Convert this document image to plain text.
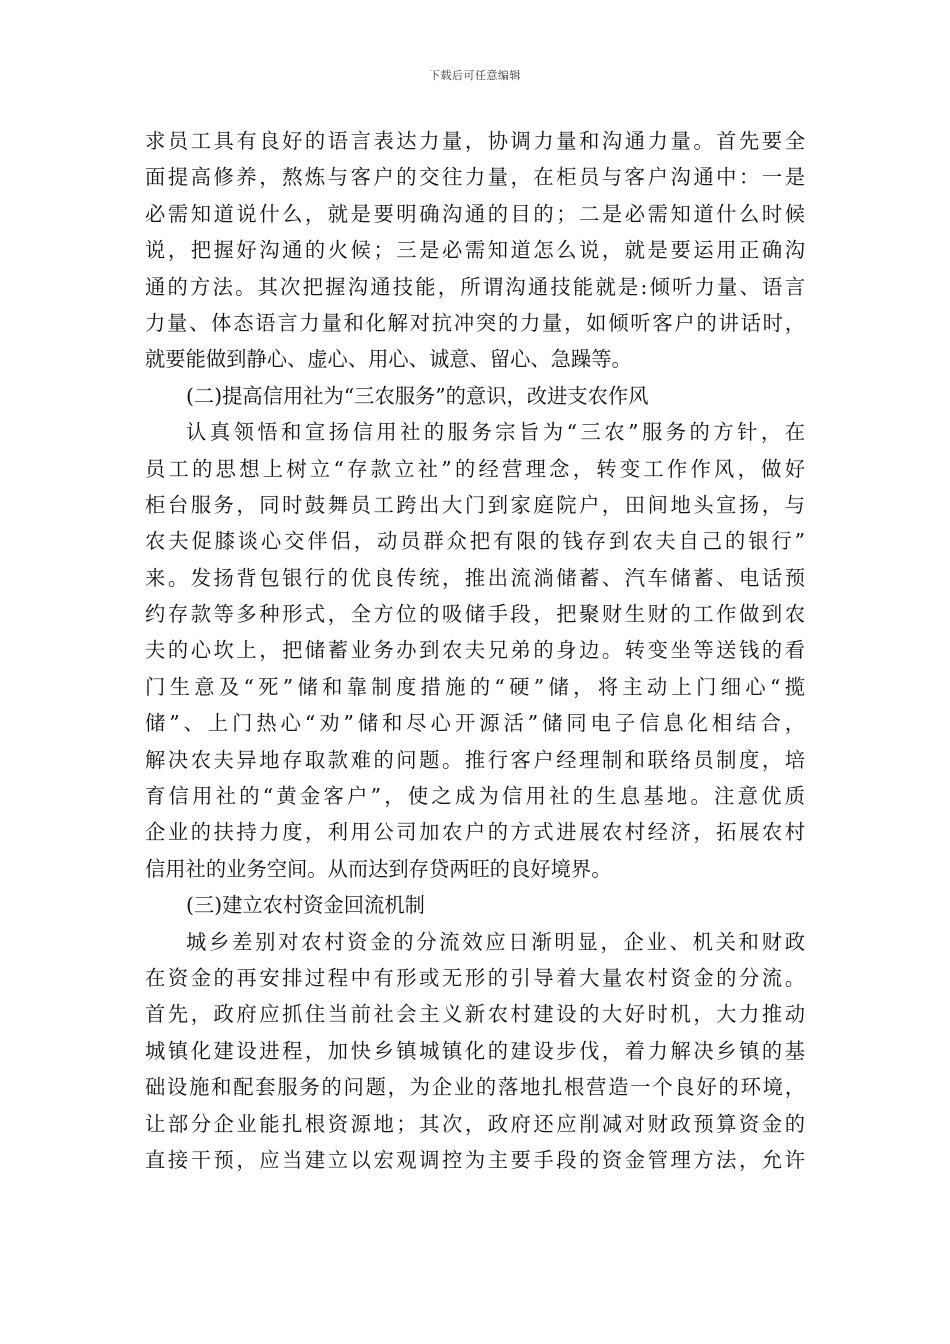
下载后可任意编辑
求员工具有良好的语言表达力量，协调力量和沟通力量。首先要全
面提高修养，熬炼与客户的交往力量，在柜员与客户沟通中：一是
必需知道说什么，就是要明确沟通的目的；二是必需知道什么时候
说，把握好沟通的火候；三是必需知道怎么说，就是要运用正确沟
通的方法。其次把握沟通技能，所谓沟通技能就是:倾听力量、语言
力量、体态语言力量和化解对抗冲突的力量，如倾听客户的讲话时，
就要能做到静心、虚心、用心、诚意、留心、急躁等。
(二)提高信用社为“三农服务”的意识，改进支农作风
认真领悟和宣扬信用社的服务宗旨为“三农”服务的方针，在
员工的思想上树立“存款立社”的经营理念，转变工作作风，做好
柜台服务，同时鼓舞员工跨出大门到家庭院户，田间地头宣扬，与
农夫促膝谈心交伴侣，动员群众把有限的钱存到农夫自己的银行”
来。发扬背包银行的优良传统，推出流淌储蓄、汽车储蓄、电话预
约存款等多种形式，全方位的吸储手段，把聚财生财的工作做到农
夫的心坎上，把储蓄业务办到农夫兄弟的身边。转变坐等送钱的看
门生意及“死”储和靠制度措施的“硬”储，将主动上门细心“揽
储”、上门热心“劝”储和尽心开源活”储同电子信息化相结合，
解决农夫异地存取款难的问题。推行客户经理制和联络员制度，培
育信用社的“黄金客户”，使之成为信用社的生息基地。注意优质
企业的扶持力度，利用公司加农户的方式进展农村经济，拓展农村
信用社的业务空间。从而达到存贷两旺的良好境界。
(三)建立农村资金回流机制
城乡差别对农村资金的分流效应日渐明显，企业、机关和财政
在资金的再安排过程中有形或无形的引导着大量农村资金的分流。
首先，政府应抓住当前社会主义新农村建设的大好时机，大力推动
城镇化建设进程，加快乡镇城镇化的建设步伐，着力解决乡镇的基
础设施和配套服务的问题，为企业的落地扎根营造一个良好的环境，
让部分企业能扎根资源地；其次，政府还应削减对财政预算资金的
直接干预，应当建立以宏观调控为主要手段的资金管理方法，允许
